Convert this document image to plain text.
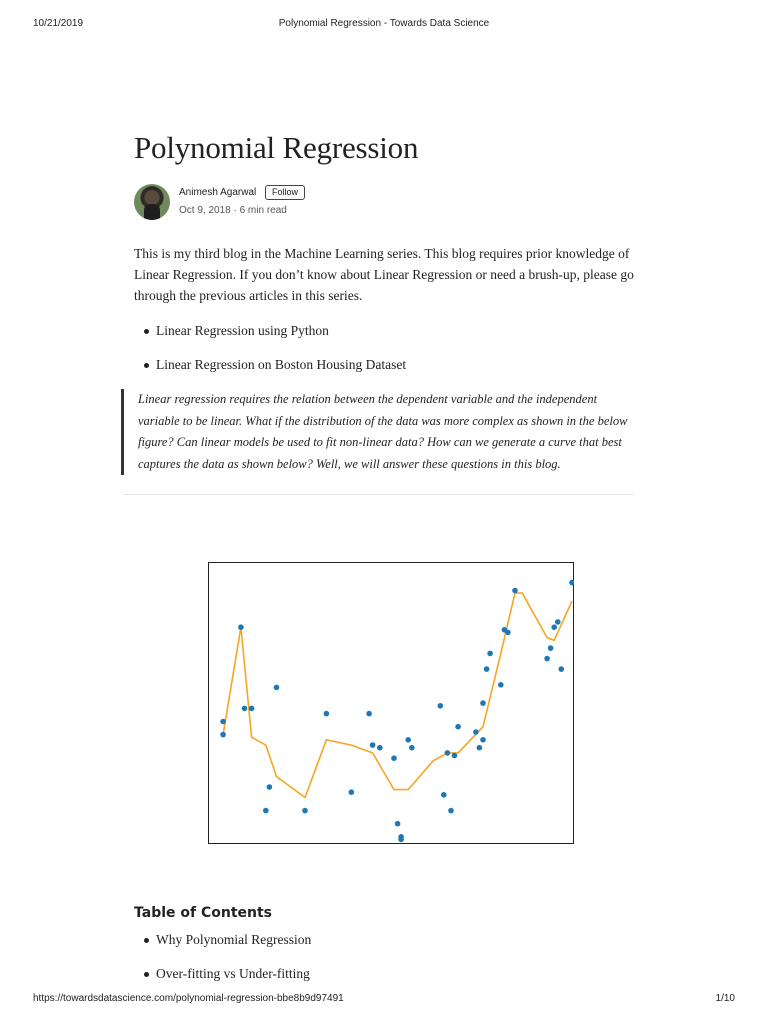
10/21/2019	Polynomial Regression - Towards Data Science
Polynomial Regression
Animesh Agarwal	Follow
Oct 9, 2018 · 6 min read

This is my third blog in the Machine Learning series. This blog requires prior knowledge of Linear Regression. If you don’t know about Linear Regression or need a brush-up, please go through the previous articles in this series.

Linear Regression using Python
Linear Regression on Boston Housing Dataset
Linear regression requires the relation between the dependent variable and the independent variable to be linear. What if the distribution of the data was more complex as shown in the below figure? Can linear models be used to fit non-linear data? How can we generate a curve that best captures the data as shown below? Well, we will answer these questions in this blog.
Table of Contents
Why Polynomial Regression
Over-fitting vs Under-fitting
https://towardsdatascience.com/polynomial-regression-bbe8b9d97491	1/10
